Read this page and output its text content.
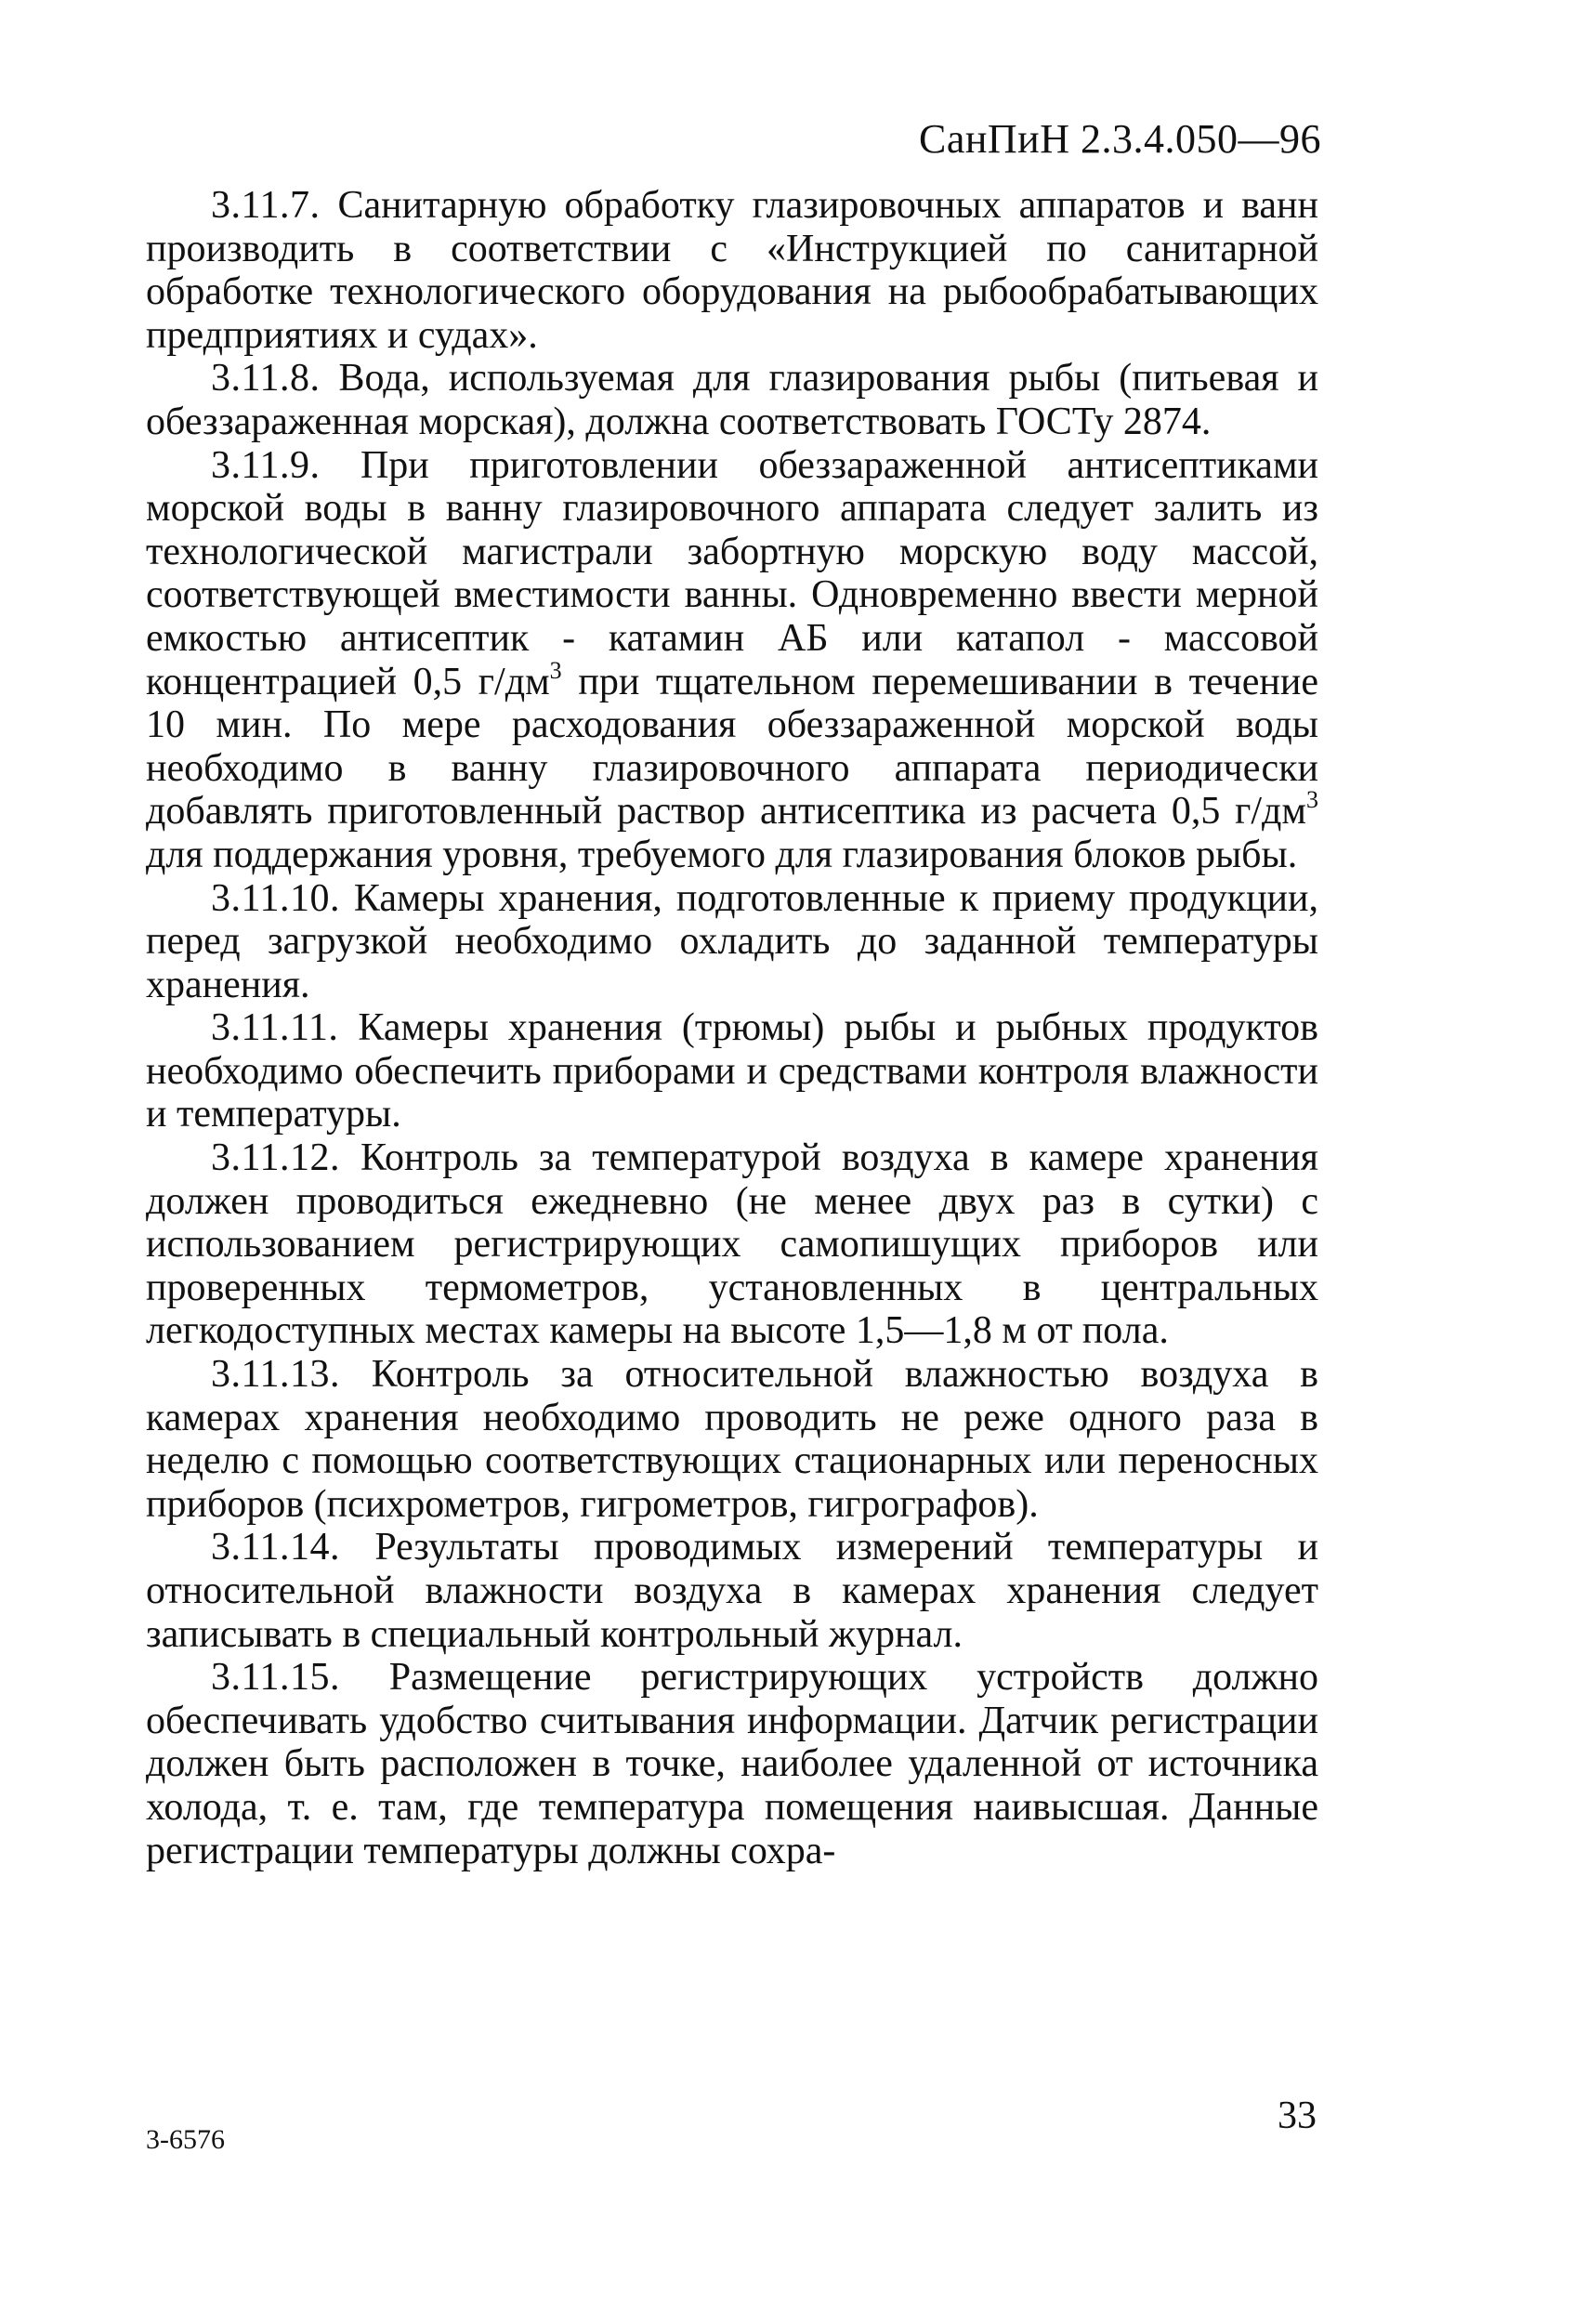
СанПиН 2.3.4.050—96

3.11.7. Санитарную обработку глазировочных аппаратов и ванн производить в соответствии с «Инструкцией по санитарной обработке технологического оборудования на рыбообрабатывающих предприятиях и судах».

3.11.8. Вода, используемая для глазирования рыбы (питьевая и обеззараженная морская), должна соответствовать ГОСТу 2874.

3.11.9. При приготовлении обеззараженной антисептиками морской воды в ванну глазировочного аппарата следует залить из технологической магистрали забортную морскую воду массой, соответствующей вместимости ванны. Одновременно ввести мерной емкостью антисептик - катамин АБ или катапол - массовой концентрацией 0,5 $г/дм^3$ при тщательном перемешивании в течение 10 мин. По мере расходования обеззараженной морской воды необходимо в ванну глазировочного аппарата периодически добавлять приготовленный раствор антисептика из расчета 0,5 $г/дм^3$ для поддержания уровня, требуемого для глазирования блоков рыбы.

3.11.10. Камеры хранения, подготовленные к приему продукции, перед загрузкой необходимо охладить до заданной температуры хранения.

3.11.11. Камеры хранения (трюмы) рыбы и рыбных продуктов необходимо обеспечить приборами и средствами контроля влажности и температуры.

3.11.12. Контроль за температурой воздуха в камере хранения должен проводиться ежедневно (не менее двух раз в сутки) с использованием регистрирующих самопишущих приборов или проверенных термометров, установленных в центральных легкодоступных местах камеры на высоте 1,5—1,8 м от пола.

3.11.13. Контроль за относительной влажностью воздуха в камерах хранения необходимо проводить не реже одного раза в неделю с помощью соответствующих стационарных или переносных приборов (психрометров, гигрометров, гигрографов).

3.11.14. Результаты проводимых измерений температуры и относительной влажности воздуха в камерах хранения следует записывать в специальный контрольный журнал.

3.11.15. Размещение регистрирующих устройств должно обеспечивать удобство считывания информации. Датчик регистрации должен быть расположен в точке, наиболее удаленной от источника холода, т. е. там, где температура помещения наивысшая. Данные регистрации температуры должны сохра-

3-6576
33
